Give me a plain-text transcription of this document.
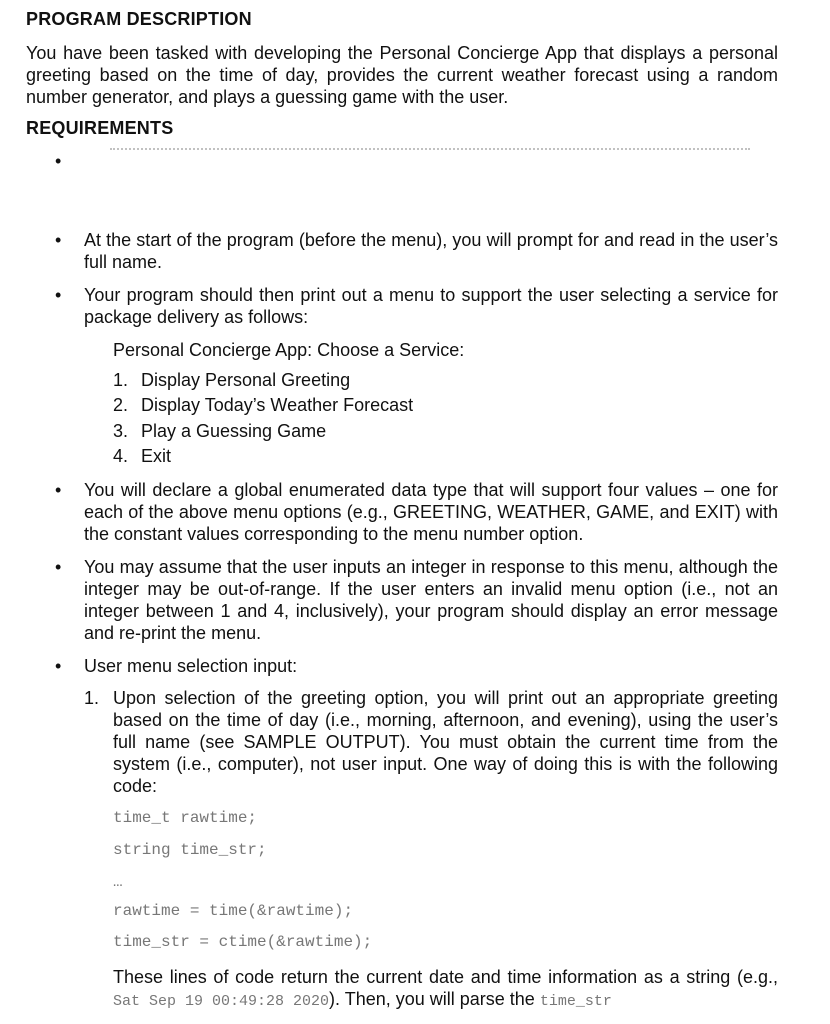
PROGRAM DESCRIPTION

You have been tasked with developing the Personal Concierge App that displays a personal greeting based on the time of day, provides the current weather forecast using a random number generator, and plays a guessing game with the user.

REQUIREMENTS
•
• At the start of the program (before the menu), you will prompt for and read in the user’s full name.

• Your program should then print out a menu to support the user selecting a service for package delivery as follows:

Personal Concierge App: Choose a Service:
1. Display Personal Greeting
2. Display Today’s Weather Forecast
3. Play a Guessing Game
4. Exit
• You will declare a global enumerated data type that will support four values – one for each of the above menu options (e.g., GREETING, WEATHER, GAME, and EXIT) with the constant values corresponding to the menu number option.

• You may assume that the user inputs an integer in response to this menu, although the integer may be out-of-range. If the user enters an invalid menu option (i.e., not an integer between 1 and 4, inclusively), your program should display an error message and re-print the menu.

• User menu selection input:

1. Upon selection of the greeting option, you will print out an appropriate greeting based on the time of day (i.e., morning, afternoon, and evening), using the user’s full name (see SAMPLE OUTPUT). You must obtain the current time from the system (i.e., computer), not user input. One way of doing this is with the following code:

time_t rawtime;
string time_str;
…
rawtime = time(&rawtime);
time_str = ctime(&rawtime);

These lines of code return the current date and time information as a string (e.g., Sat Sep 19 00:49:28 2020). Then, you will parse the time_str
